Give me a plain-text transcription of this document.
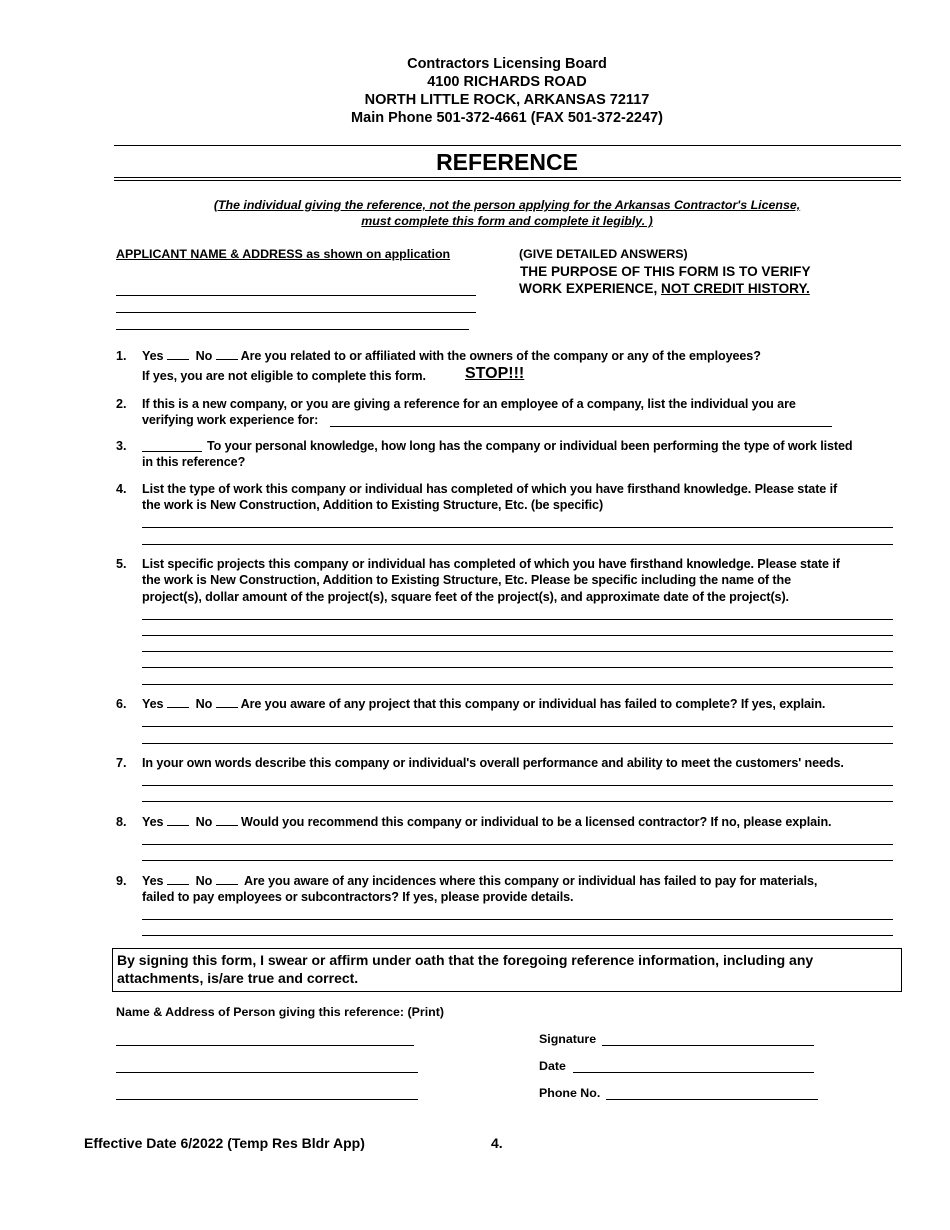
Contractors Licensing Board
4100 RICHARDS ROAD
NORTH LITTLE ROCK, ARKANSAS 72117
Main Phone 501-372-4661 (FAX 501-372-2247)
REFERENCE
(The individual giving the reference, not the person applying for the Arkansas Contractor's License,
must complete this form and complete it legibly. )
APPLICANT NAME & ADDRESS as shown on application	(GIVE DETAILED ANSWERS)
THE PURPOSE OF THIS FORM IS TO VERIFY
WORK EXPERIENCE, NOT CREDIT HISTORY.
1. Yes	No Are you related to or affiliated with the owners of the company or any of the employees?
If yes, you are not eligible to complete this form. STOP!!!
2. If this is a new company, or you are giving a reference for an employee of a company, list the individual you are
verifying work experience for:
3.	To your personal knowledge, how long has the company or individual been performing the type of work listed
in this reference?
4. List the type of work this company or individual has completed of which you have firsthand knowledge. Please state if
the work is New Construction, Addition to Existing Structure, Etc. (be specific)
5. List specific projects this company or individual has completed of which you have firsthand knowledge. Please state if
the work is New Construction, Addition to Existing Structure, Etc. Please be specific including the name of the
project(s), dollar amount of the project(s), square feet of the project(s), and approximate date of the project(s).
6. Yes	No Are you aware of any project that this company or individual has failed to complete? If yes, explain.
7. In your own words describe this company or individual's overall performance and ability to meet the customers' needs.
8. Yes	No Would you recommend this company or individual to be a licensed contractor? If no, please explain.
9. Yes	No	Are you aware of any incidences where this company or individual has failed to pay for materials,
failed to pay employees or subcontractors? If yes, please provide details.
By signing this form, I swear or affirm under oath that the foregoing reference information, including any
attachments, is/are true and correct.
Name & Address of Person giving this reference: (Print)
Signature
Date
Phone No.
Effective Date 6/2022 (Temp Res Bldr App)	4.
